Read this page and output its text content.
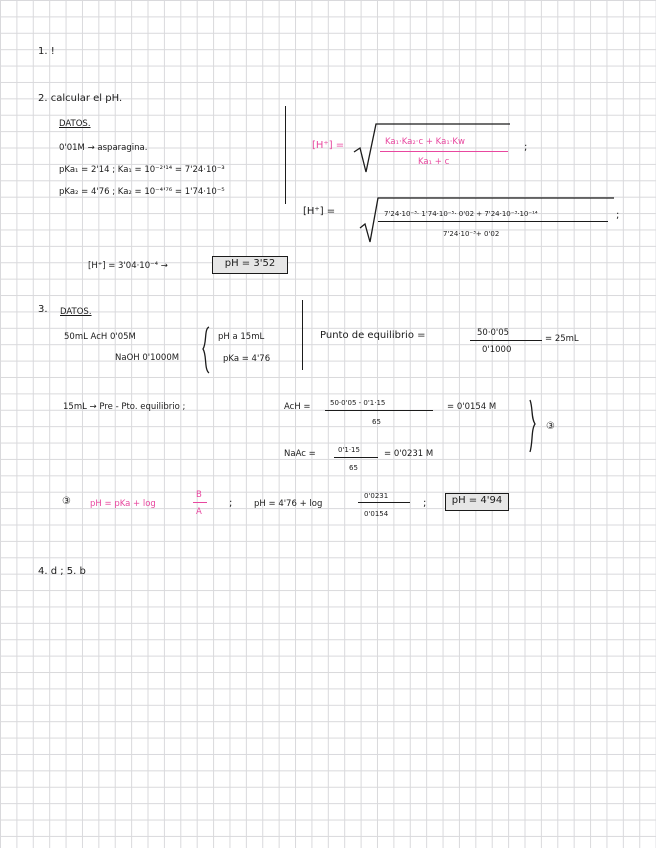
1. !
2. calcular el pH.
DATOS.
0'01M → asparagina.
pKa₁ = 2'14 ; Ka₁ = 10⁻²'¹⁴ = 7'24·10⁻³
pKa₂ = 4'76 ; Ka₂ = 10⁻⁴'⁷⁶ = 1'74·10⁻⁵
[H⁺] =	Ka₁·Ka₂·c + Ka₁·Kw
Ka₁ + c
;
[H⁺] =	7'24·10⁻³· 1'74·10⁻⁵· 0'02 + 7'24·10⁻³·10⁻¹⁴
7'24·10⁻³+ 0'02
;
[H⁺] = 3'04·10⁻⁴ →	pH = 3'52
3. DATOS.
50mL AcH 0'05M
NaOH 0'1000M
pH a 15mL
pKa = 4'76
Punto de equilibrio =	50·0'05
0'1000
= 25mL
15mL → Pre - Pto. equilibrio ;	AcH =	50·0'05 - 0'1·15
65
= 0'0154 M
③
NaAc =	0'1·15
65
= 0'0231 M
③ pH = pKa + log
B
A
;	pH = 4'76 + log
0'0231
0'0154
;	pH = 4'94
4. d ; 5. b
